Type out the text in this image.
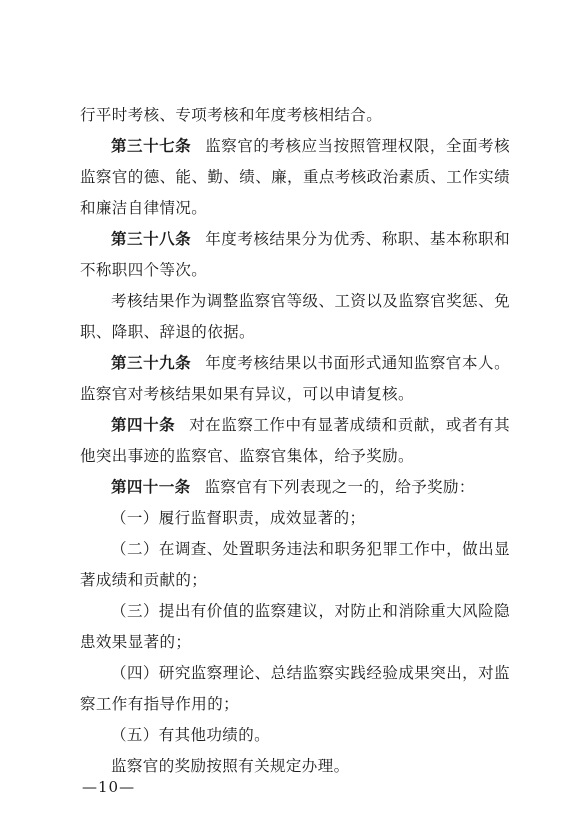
行平时考核、专项考核和年度考核相结合。
第三十七条 监察官的考核应当按照管理权限，全面考核监察官的德、能、勤、绩、廉，重点考核政治素质、工作实绩和廉洁自律情况。
第三十八条 年度考核结果分为优秀、称职、基本称职和不称职四个等次。
考核结果作为调整监察官等级、工资以及监察官奖惩、免职、降职、辞退的依据。
第三十九条 年度考核结果以书面形式通知监察官本人。监察官对考核结果如果有异议，可以申请复核。
第四十条 对在监察工作中有显著成绩和贡献，或者有其他突出事迹的监察官、监察官集体，给予奖励。
第四十一条 监察官有下列表现之一的，给予奖励：
（一）履行监督职责，成效显著的；
（二）在调查、处置职务违法和职务犯罪工作中，做出显著成绩和贡献的；
（三）提出有价值的监察建议，对防止和消除重大风险隐患效果显著的；
（四）研究监察理论、总结监察实践经验成果突出，对监察工作有指导作用的；
（五）有其他功绩的。
监察官的奖励按照有关规定办理。
—10—
